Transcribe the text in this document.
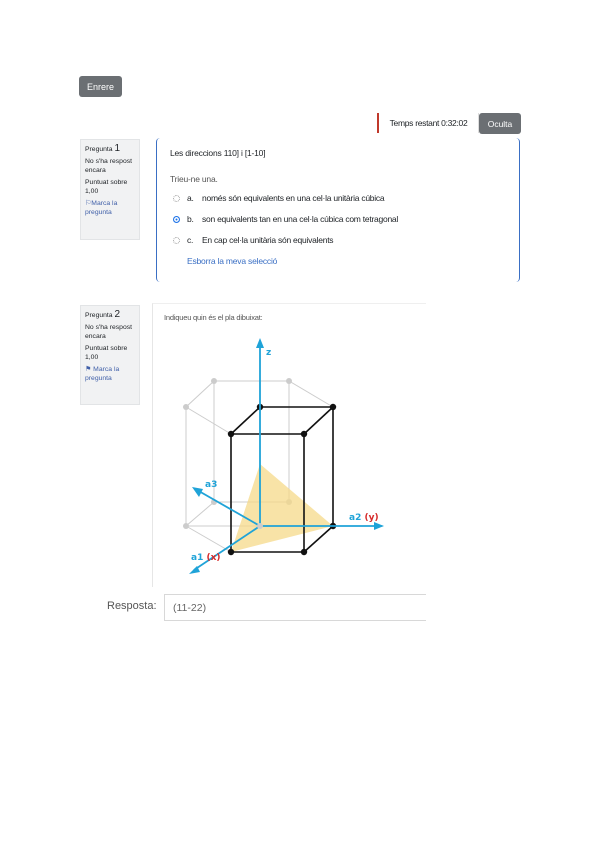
Enrere
Temps restant 0:32:02	Oculta
Pregunta 1
No s'ha respost encara
Puntuat sobre 1,00
⚐Marca la pregunta
Les direccions 110] i [1-10]
Trieu-ne una.
a. només són equivalents en una cel·la unitària cúbica
b. son equivalents tan en una cel·la cúbica com tetragonal
c.	En cap cel·la unitària són equivalents
Esborra la meva selecció
Pregunta 2
No s'ha respost encara
Puntuat sobre 1,00
⚑ Marca la pregunta
Indiqueu quin és el pla dibuixat:
z
a3
a2 (y)
a1 (x)
Resposta:
(11-22)
